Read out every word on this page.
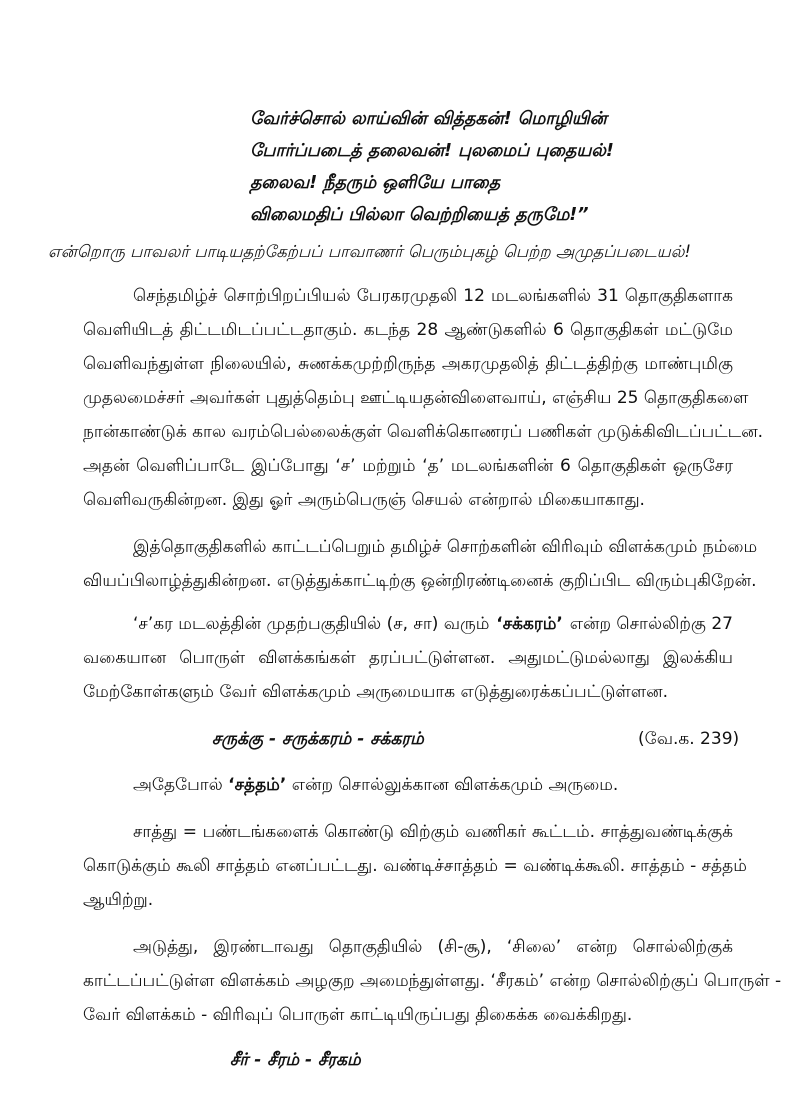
வேர்ச்சொல் லாய்வின் வித்தகன்! மொழியின்
போர்ப்படைத் தலைவன்! புலமைப் புதையல்!
தலைவ! நீதரும் ஒளியே பாதை
விலைமதிப் பில்லா வெற்றியைத் தருமே!”
என்றொரு பாவலர் பாடியதற்கேற்பப் பாவாணர் பெரும்புகழ் பெற்ற அமுதப்படையல்!
செந்தமிழ்ச் சொற்பிறப்பியல் பேரகரமுதலி 12 மடலங்களில் 31 தொகுதிகளாக
வெளியிடத் திட்டமிடப்பட்டதாகும். கடந்த 28 ஆண்டுகளில் 6 தொகுதிகள் மட்டுமே
வெளிவந்துள்ள நிலையில், சுணக்கமுற்றிருந்த அகரமுதலித் திட்டத்திற்கு மாண்புமிகு
முதலமைச்சர் அவர்கள் புதுத்தெம்பு ஊட்டியதன்விளைவாய், எஞ்சிய 25 தொகுதிகளை
நான்காண்டுக் கால வரம்பெல்லைக்குள் வெளிக்கொணரப் பணிகள் முடுக்கிவிடப்பட்டன.
அதன் வெளிப்பாடே இப்போது ‘ச’ மற்றும் ‘த’ மடலங்களின் 6 தொகுதிகள் ஒருசேர
வெளிவருகின்றன. இது ஓர் அரும்பெருஞ் செயல் என்றால் மிகையாகாது.
இத்தொகுதிகளில் காட்டப்பெறும் தமிழ்ச் சொற்களின் விரிவும் விளக்கமும் நம்மை
வியப்பிலாழ்த்துகின்றன. எடுத்துக்காட்டிற்கு ஒன்றிரண்டினைக் குறிப்பிட விரும்புகிறேன்.
‘ச’கர மடலத்தின் முதற்பகுதியில் (ச, சா) வரும் ‘சக்கரம்’ என்ற சொல்லிற்கு 27
வகையான பொருள் விளக்கங்கள் தரப்பட்டுள்ளன. அதுமட்டுமல்லாது இலக்கிய
மேற்கோள்களும் வேர் விளக்கமும் அருமையாக எடுத்துரைக்கப்பட்டுள்ளன.
சருக்கு - சருக்கரம் - சக்கரம்	(வே.க. 239)
அதேபோல் ‘சத்தம்’ என்ற சொல்லுக்கான விளக்கமும் அருமை.
சாத்து = பண்டங்களைக் கொண்டு விற்கும் வணிகர் கூட்டம். சாத்துவண்டிக்குக்
கொடுக்கும் கூலி சாத்தம் எனப்பட்டது. வண்டிச்சாத்தம் = வண்டிக்கூலி. சாத்தம் - சத்தம்
ஆயிற்று.
அடுத்து, இரண்டாவது தொகுதியில் (சி-சூ), ‘சிலை’ என்ற சொல்லிற்குக்
காட்டப்பட்டுள்ள விளக்கம் அழகுற அமைந்துள்ளது. ‘சீரகம்’ என்ற சொல்லிற்குப் பொருள் -
வேர் விளக்கம் - விரிவுப் பொருள் காட்டியிருப்பது திகைக்க வைக்கிறது.
சீர் - சீரம் - சீரகம்
